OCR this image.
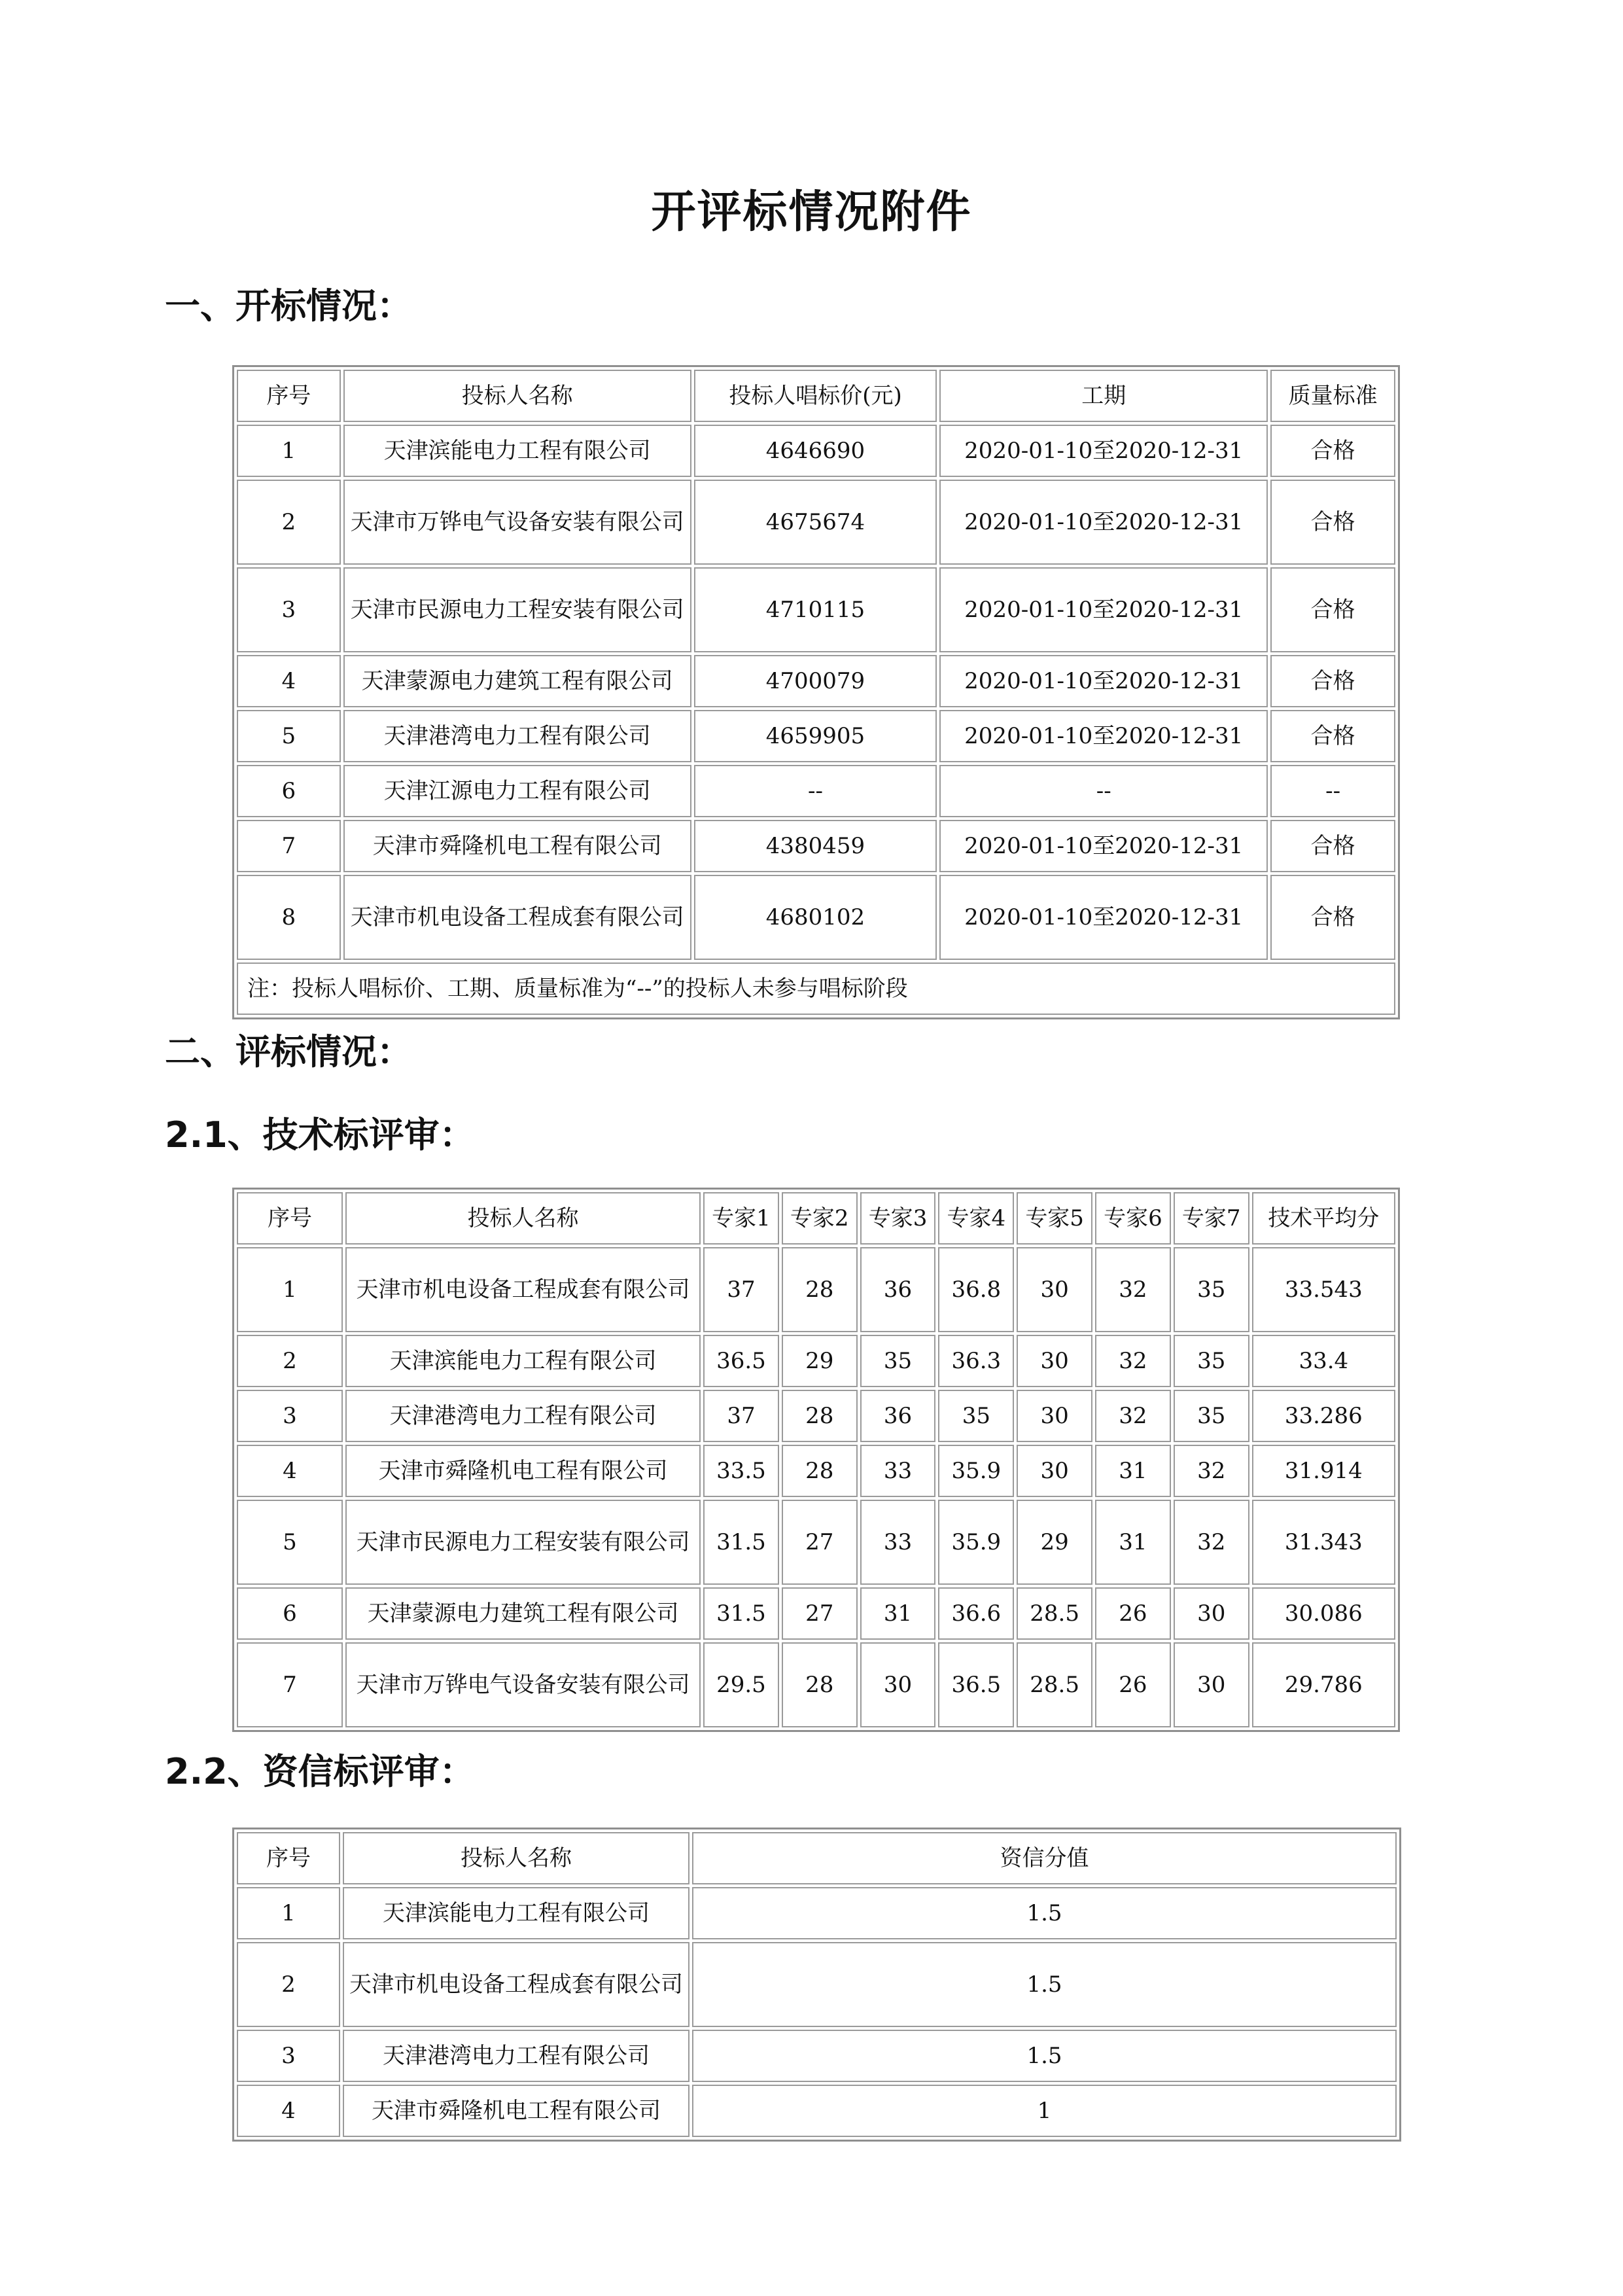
开评标情况附件
一、开标情况：
序号	投标人名称	投标人唱标价(元)	工期	质量标准
1	天津滨能电力工程有限公司	4646690	2020-01-10至2020-12-31	合格
2	天津市万铧电气设备安装有限公司	4675674	2020-01-10至2020-12-31	合格
3	天津市民源电力工程安装有限公司	4710115	2020-01-10至2020-12-31	合格
4	天津蒙源电力建筑工程有限公司	4700079	2020-01-10至2020-12-31	合格
5	天津港湾电力工程有限公司	4659905	2020-01-10至2020-12-31	合格
6	天津江源电力工程有限公司	--	--	--
7	天津市舜隆机电工程有限公司	4380459	2020-01-10至2020-12-31	合格
8	天津市机电设备工程成套有限公司	4680102	2020-01-10至2020-12-31	合格
注：投标人唱标价、工期、质量标准为“--”的投标人未参与唱标阶段				
二、评标情况：
2.1、技术标评审：
序号	投标人名称	专家1	专家2	专家3	专家4	专家5	专家6	专家7	技术平均分
1	天津市机电设备工程成套有限公司	37	28	36	36.8	30	32	35	33.543
2	天津滨能电力工程有限公司	36.5	29	35	36.3	30	32	35	33.4
3	天津港湾电力工程有限公司	37	28	36	35	30	32	35	33.286
4	天津市舜隆机电工程有限公司	33.5	28	33	35.9	30	31	32	31.914
5	天津市民源电力工程安装有限公司	31.5	27	33	35.9	29	31	32	31.343
6	天津蒙源电力建筑工程有限公司	31.5	27	31	36.6	28.5	26	30	30.086
7	天津市万铧电气设备安装有限公司	29.5	28	30	36.5	28.5	26	30	29.786
2.2、资信标评审：
序号	投标人名称	资信分值
1	天津滨能电力工程有限公司	1.5
2	天津市机电设备工程成套有限公司	1.5
3	天津港湾电力工程有限公司	1.5
4	天津市舜隆机电工程有限公司	1
